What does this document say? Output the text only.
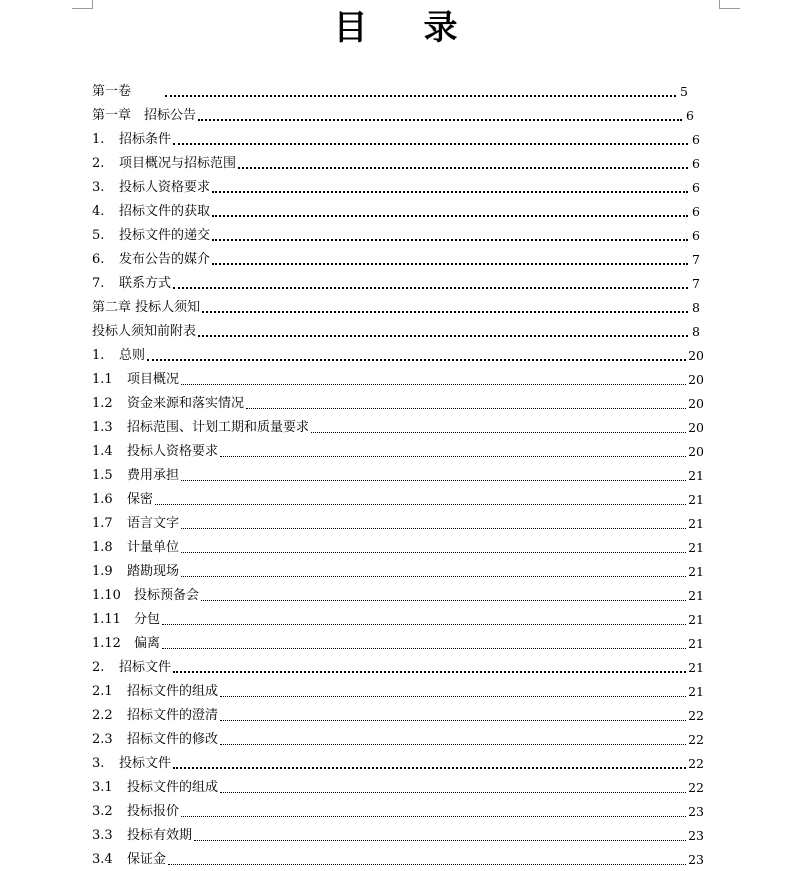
目录
第一卷	5
第一章　招标公告	6
1. 招标条件	6
2. 项目概况与招标范围	6
3. 投标人资格要求	6
4. 招标文件的获取	6
5. 投标文件的递交	6
6. 发布公告的媒介	7
7. 联系方式	7
第二章 投标人须知	8
投标人须知前附表	8
1. 总则	20
1.1 项目概况	20
1.2 资金来源和落实情况	20
1.3 招标范围、计划工期和质量要求	20
1.4 投标人资格要求	20
1.5 费用承担	21
1.6 保密	21
1.7 语言文字	21
1.8 计量单位	21
1.9 踏勘现场	21
1.10 投标预备会	21
1.11 分包	21
1.12 偏离	21
2. 招标文件	21
2.1 招标文件的组成	21
2.2 招标文件的澄清	22
2.3 招标文件的修改	22
3. 投标文件	22
3.1 投标文件的组成	22
3.2 投标报价	23
3.3 投标有效期	23
3.4 保证金	23
